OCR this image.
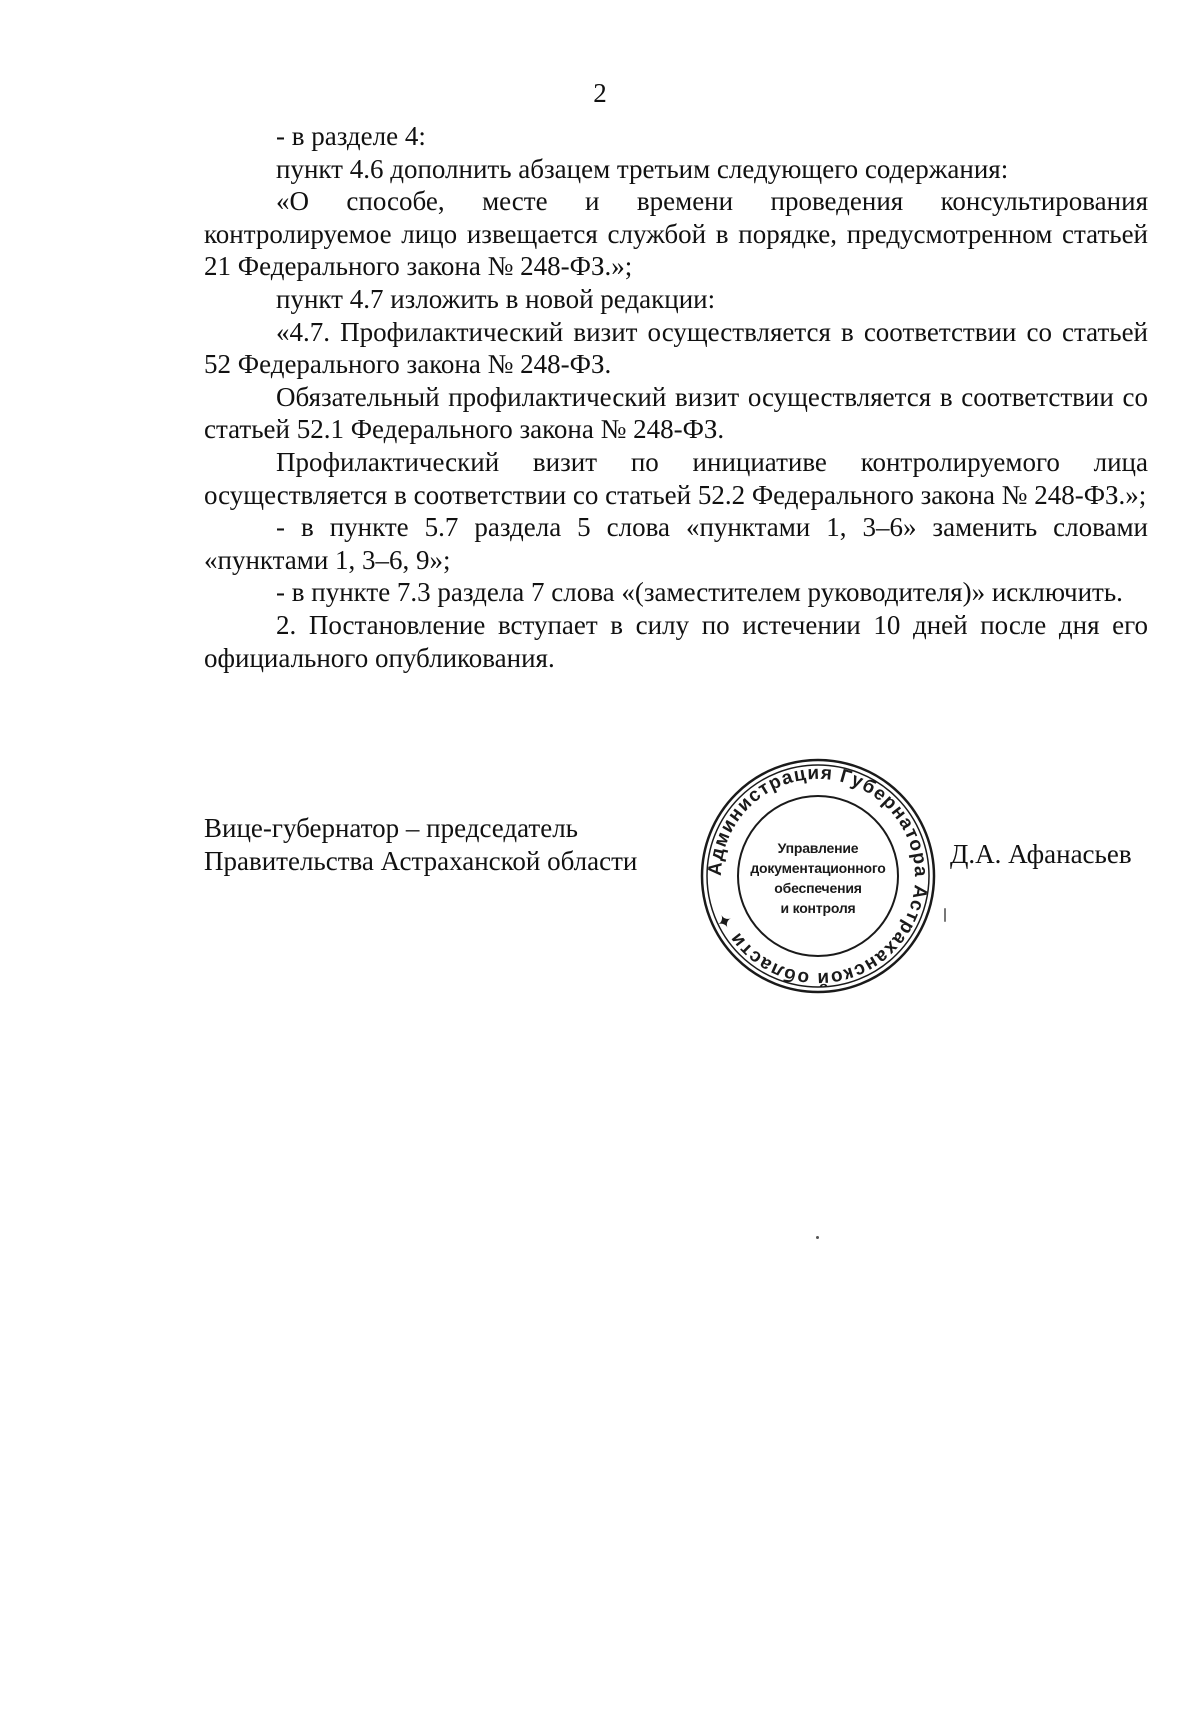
2

- в разделе 4:

пункт 4.6 дополнить абзацем третьим следующего содержания:

«О способе, месте и времени проведения консультирования контролируемое лицо извещается службой в порядке, предусмотренном статьей 21 Федерального закона № 248-ФЗ.»;

пункт 4.7 изложить в новой редакции:

«4.7. Профилактический визит осуществляется в соответствии со статьей 52 Федерального закона № 248-ФЗ.

Обязательный профилактический визит осуществляется в соответствии со статьей 52.1 Федерального закона № 248-ФЗ.

Профилактический визит по инициативе контролируемого лица осуществляется в соответствии со статьей 52.2 Федерального закона № 248-ФЗ.»;

- в пункте 5.7 раздела 5 слова «пунктами 1, 3–6» заменить словами «пунктами 1, 3–6, 9»;

- в пункте 7.3 раздела 7 слова «(заместителем руководителя)» исключить.

2. Постановление вступает в силу по истечении 10 дней после дня его официального опубликования.

Вице-губернатор – председатель
Правительства Астраханской области	Администрация Губернатора Астраханской области ✦
Управление
документационного
обеспечения
и контроля
Д.А. Афанасьев
